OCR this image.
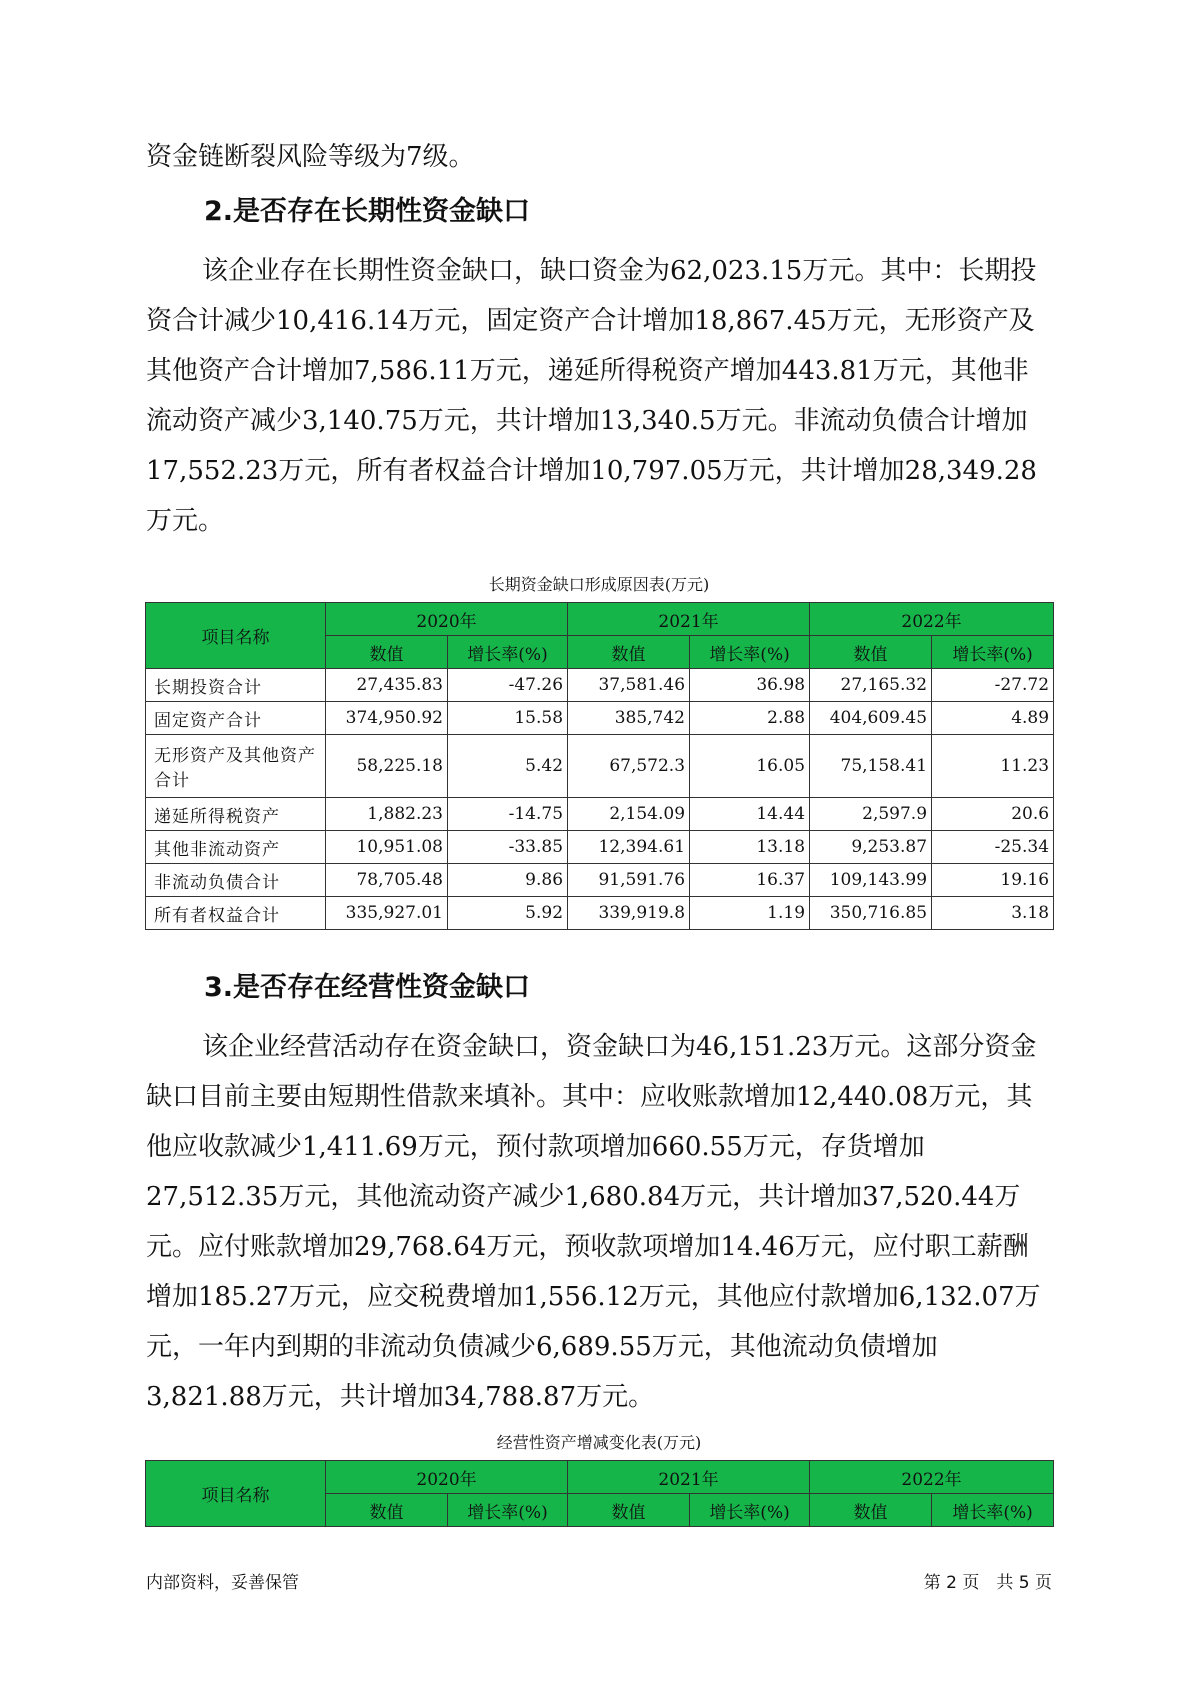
资金链断裂风险等级为7级。

2.是否存在长期性资金缺口

该企业存在长期性资金缺口，缺口资金为62,023.15万元。其中：长期投资合计减少10,416.14万元，固定资产合计增加18,867.45万元，无形资产及其他资产合计增加7,586.11万元，递延所得税资产增加443.81万元，其他非流动资产减少3,140.75万元，共计增加13,340.5万元。非流动负债合计增加17,552.23万元，所有者权益合计增加10,797.05万元，共计增加28,349.28万元。

长期资金缺口形成原因表(万元)
项目名称	2020年		2021年		2022年	
	数值	增长率(%)	数值	增长率(%)	数值	增长率(%)
长期投资合计	27,435.83	-47.26	37,581.46	36.98	27,165.32	-27.72
固定资产合计	374,950.92	15.58	385,742	2.88	404,609.45	4.89
无形资产及其他资产合计	58,225.18	5.42	67,572.3	16.05	75,158.41	11.23
递延所得税资产	1,882.23	-14.75	2,154.09	14.44	2,597.9	20.6
其他非流动资产	10,951.08	-33.85	12,394.61	13.18	9,253.87	-25.34
非流动负债合计	78,705.48	9.86	91,591.76	16.37	109,143.99	19.16
所有者权益合计	335,927.01	5.92	339,919.8	1.19	350,716.85	3.18
3.是否存在经营性资金缺口

该企业经营活动存在资金缺口，资金缺口为46,151.23万元。这部分资金缺口目前主要由短期性借款来填补。其中：应收账款增加12,440.08万元，其他应收款减少1,411.69万元，预付款项增加660.55万元，存货增加27,512.35万元，其他流动资产减少1,680.84万元，共计增加37,520.44万元。应付账款增加29,768.64万元，预收款项增加14.46万元，应付职工薪酬增加185.27万元，应交税费增加1,556.12万元，其他应付款增加6,132.07万元，一年内到期的非流动负债减少6,689.55万元，其他流动负债增加3,821.88万元，共计增加34,788.87万元。

经营性资产增减变化表(万元)
项目名称	2020年		2021年		2022年	
	数值	增长率(%)	数值	增长率(%)	数值	增长率(%)
内部资料，妥善保管	第 2 页　共 5 页
